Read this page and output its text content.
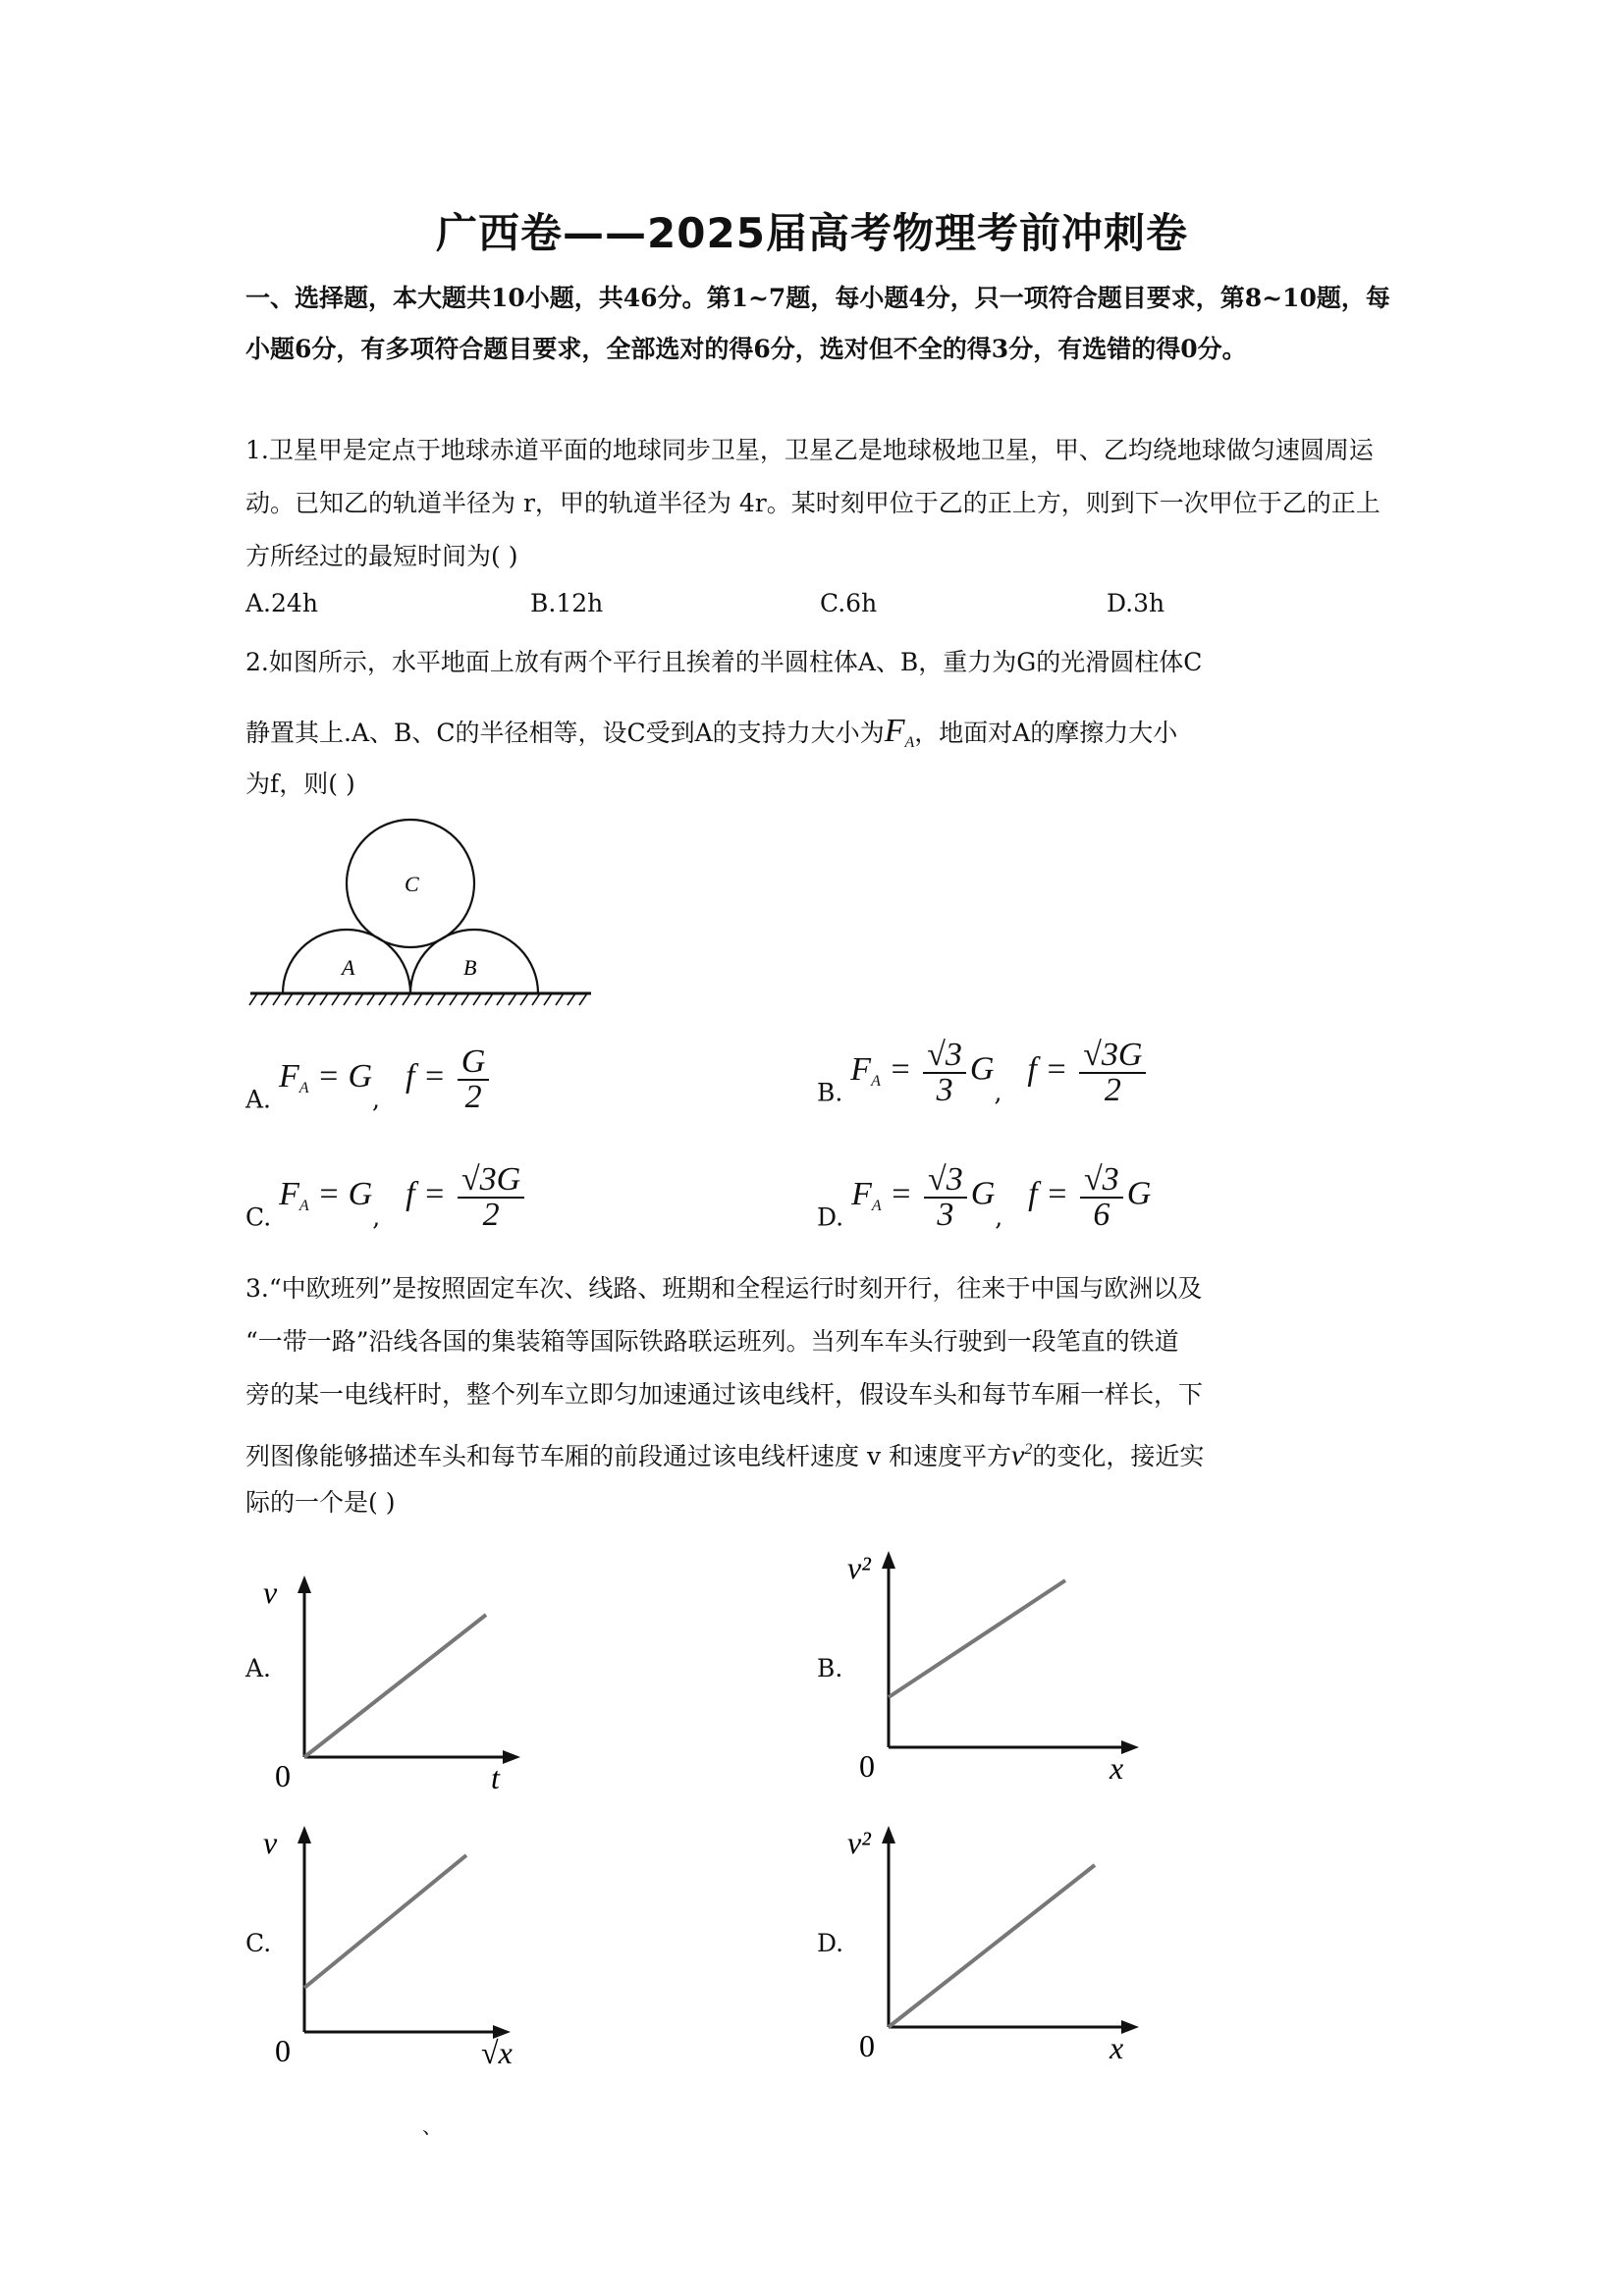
广西卷——2025届高考物理考前冲刺卷
一、选择题，本大题共10小题，共46分。第1~7题，每小题4分，只一项符合题目要求，第8~10题，每小题6分，有多项符合题目要求，全部选对的得6分，选对但不全的得3分，有选错的得0分。
1.卫星甲是定点于地球赤道平面的地球同步卫星，卫星乙是地球极地卫星，甲、乙均绕地球做匀速圆周运动。已知乙的轨道半径为 r，甲的轨道半径为 4r。某时刻甲位于乙的正上方，则到下一次甲位于乙的正上方所经过的最短时间为( )
A.24h	B.12h	C.6h	D.3h
2.如图所示，水平地面上放有两个平行且挨着的半圆柱体A、B，重力为G的光滑圆柱体C
静置其上.A、B、C的半径相等，设C受到A的支持力大小为$F_A$，地面对A的摩擦力大小
为f，则( )
C
A	B
A. $F_A = G$, $f = \frac{G}{2}$	B. $F_A = \frac{√3}{3} G$, $f = \frac{√3G}{2}$
C. $F_A = G$, $f = \frac{√3G}{2}$	D. $F_A = \frac{√3}{3} G$, $f = \frac{√3}{6}$ G
3.“中欧班列”是按照固定车次、线路、班期和全程运行时刻开行，往来于中国与欧洲以及
“一带一路”沿线各国的集装箱等国际铁路联运班列。当列车车头行驶到一段笔直的铁道
旁的某一电线杆时，整个列车立即匀加速通过该电线杆，假设车头和每节车厢一样长，下
列图像能够描述车头和每节车厢的前段通过该电线杆速度 v 和速度平方$v^2$的变化，接近实
际的一个是( )
A.
v
t
0
B.
v²
x
0
C.
v
√x
0
D.
v²
x
0
、
